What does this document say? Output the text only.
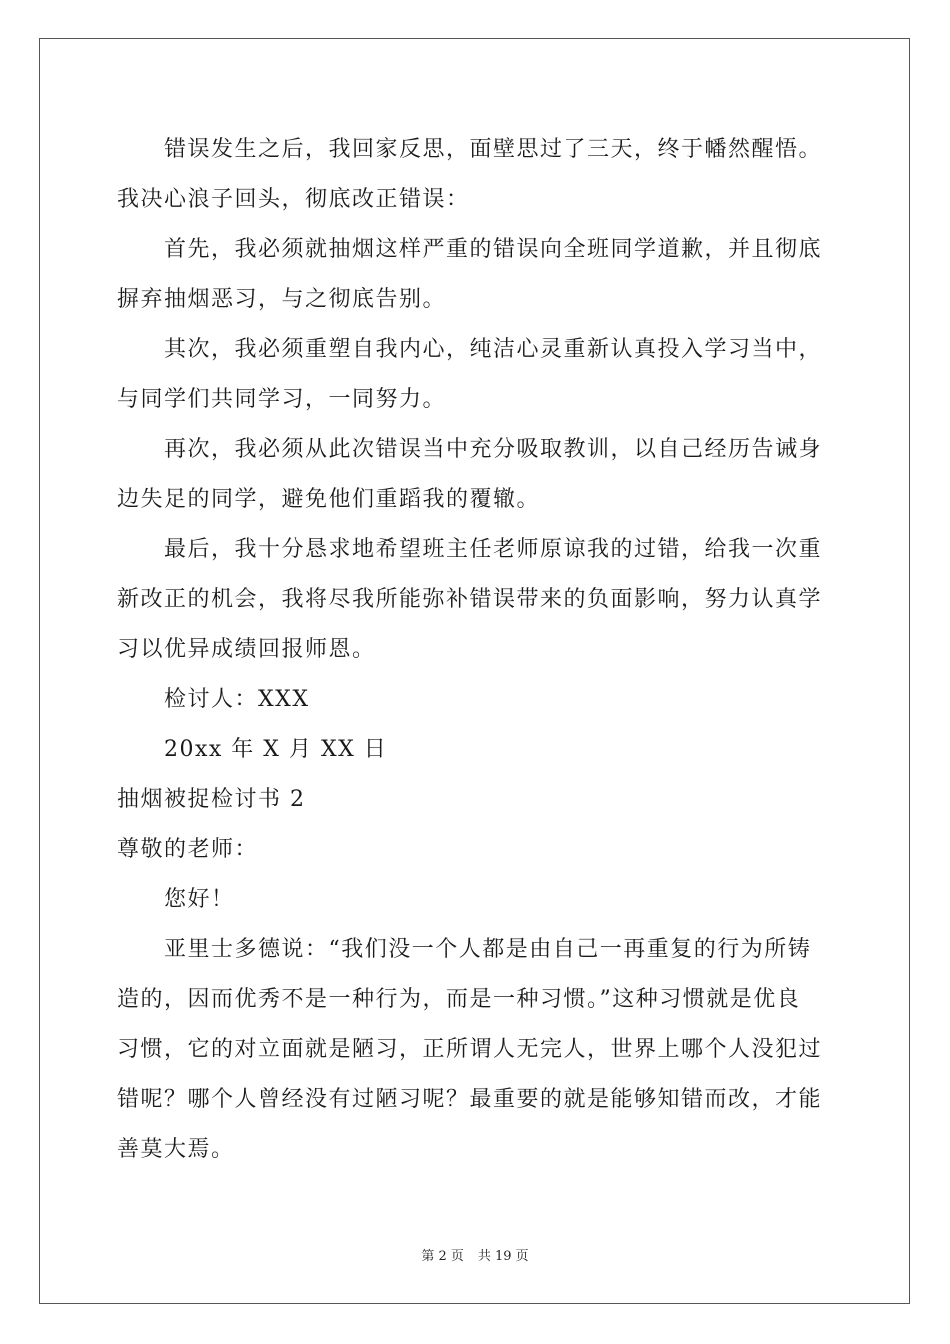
错误发生之后，我回家反思，面壁思过了三天，终于幡然醒悟。
我决心浪子回头，彻底改正错误：
首先，我必须就抽烟这样严重的错误向全班同学道歉，并且彻底
摒弃抽烟恶习，与之彻底告别。
其次，我必须重塑自我内心，纯洁心灵重新认真投入学习当中，
与同学们共同学习，一同努力。
再次，我必须从此次错误当中充分吸取教训，以自己经历告诫身
边失足的同学，避免他们重蹈我的覆辙。
最后，我十分恳求地希望班主任老师原谅我的过错，给我一次重
新改正的机会，我将尽我所能弥补错误带来的负面影响，努力认真学
习以优异成绩回报师恩。
检讨人：XXX
20xx 年 X 月 XX 日
抽烟被捉检讨书 2
尊敬的老师：
您好！
亚里士多德说：“我们没一个人都是由自己一再重复的行为所铸
造的，因而优秀不是一种行为，而是一种习惯。”这种习惯就是优良
习惯，它的对立面就是陋习，正所谓人无完人，世界上哪个人没犯过
错呢？哪个人曾经没有过陋习呢？最重要的就是能够知错而改，才能
善莫大焉。
第 2 页 共 19 页
